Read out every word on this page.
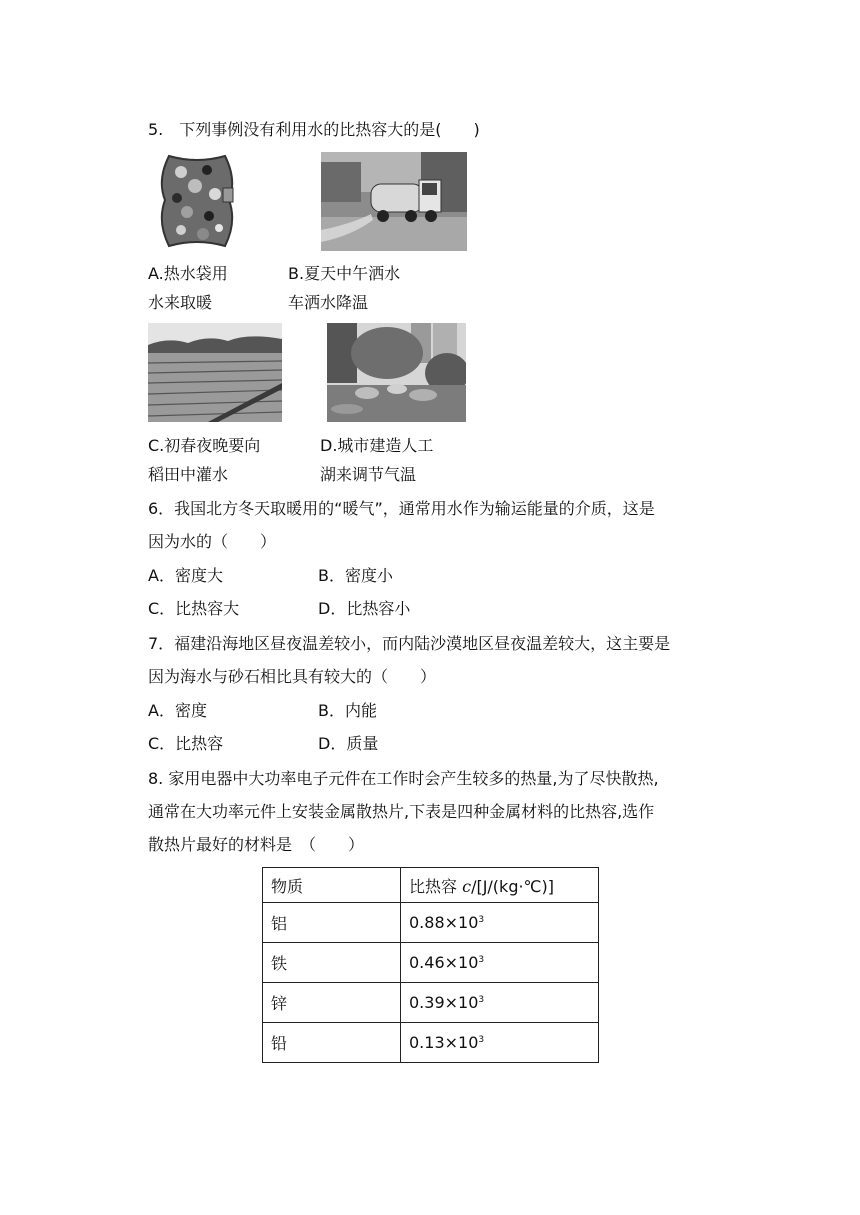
5.　下列事例没有利用水的比热容大的是(　　)
A.热水袋用
水来取暖
B.夏天中午洒水
车洒水降温
C.初春夜晚要向
稻田中灌水
D.城市建造人工
湖来调节气温
6．我国北方冬天取暖用的“暖气”，通常用水作为输运能量的介质，这是
因为水的（　　）
A．密度大	B．密度小
C．比热容大	D．比热容小
7．福建沿海地区昼夜温差较小，而内陆沙漠地区昼夜温差较大，这主要是
因为海水与砂石相比具有较大的（　　）
A．密度	B．内能
C．比热容	D．质量
8. 家用电器中大功率电子元件在工作时会产生较多的热量,为了尽快散热,
通常在大功率元件上安装金属散热片,下表是四种金属材料的比热容,选作
散热片最好的材料是　（　　）
物质	比热容 c/[J/(kg·℃)]
铝	$0.88\times 10^3$
铁	$0.46\times 10^3$
锌	$0.39\times 10^3$
铅	$0.13\times 10^3$
